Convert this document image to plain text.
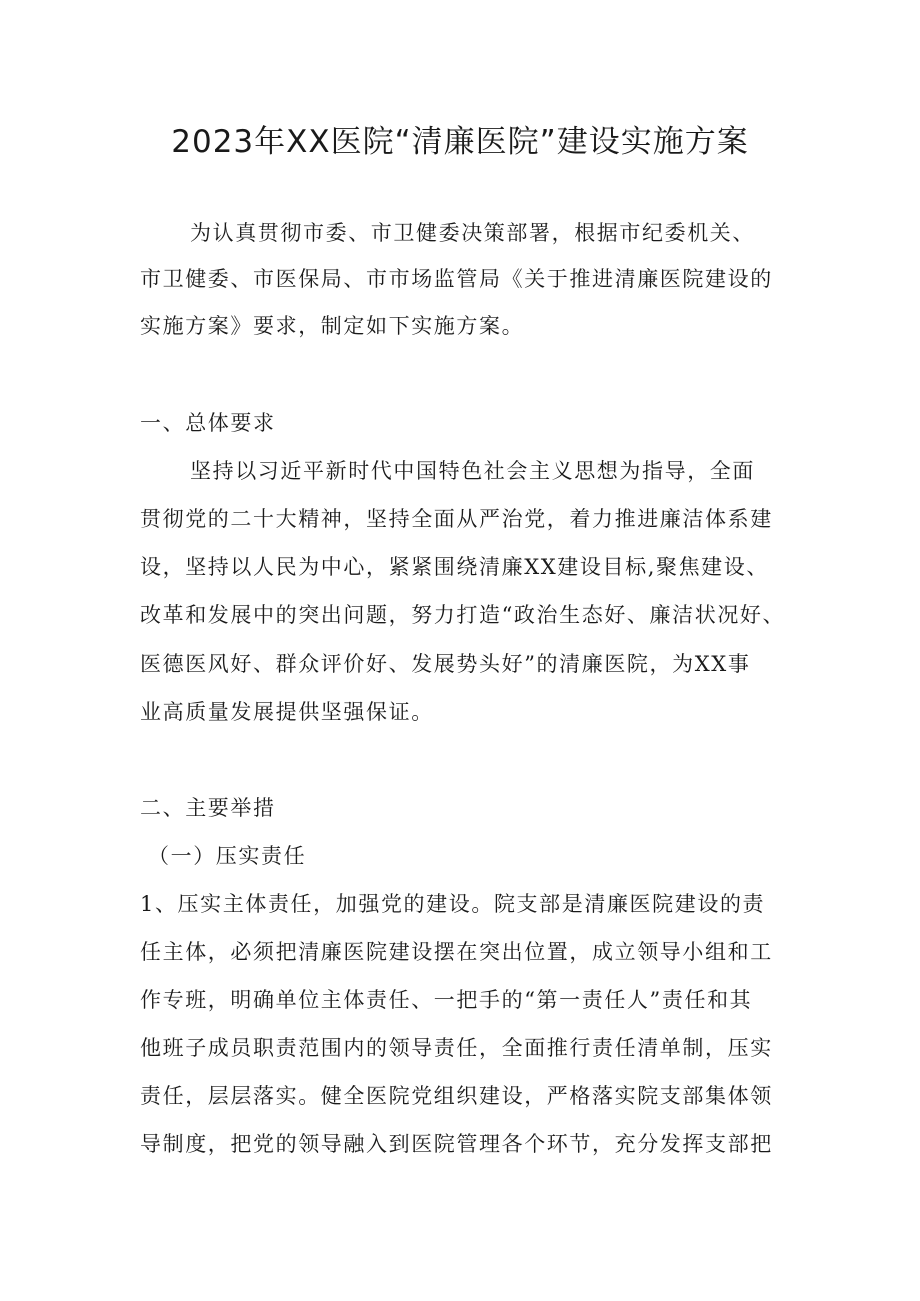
2023年XX医院“清廉医院”建设实施方案
为认真贯彻市委、市卫健委决策部署，根据市纪委机关、
市卫健委、市医保局、市市场监管局《关于推进清廉医院建设的
实施方案》要求，制定如下实施方案。
一、总体要求
坚持以习近平新时代中国特色社会主义思想为指导，全面
贯彻党的二十大精神，坚持全面从严治党，着力推进廉洁体系建
设，坚持以人民为中心，紧紧围绕清廉XX建设目标,聚焦建设、
改革和发展中的突出问题，努力打造“政治生态好、廉洁状况好、
医德医风好、群众评价好、发展势头好”的清廉医院，为XX事
业高质量发展提供坚强保证。
二、主要举措
（一）压实责任
1、压实主体责任，加强党的建设。院支部是清廉医院建设的责
任主体，必须把清廉医院建设摆在突出位置，成立领导小组和工
作专班，明确单位主体责任、一把手的“第一责任人”责任和其
他班子成员职责范围内的领导责任，全面推行责任清单制，压实
责任，层层落实。健全医院党组织建设，严格落实院支部集体领
导制度，把党的领导融入到医院管理各个环节，充分发挥支部把
